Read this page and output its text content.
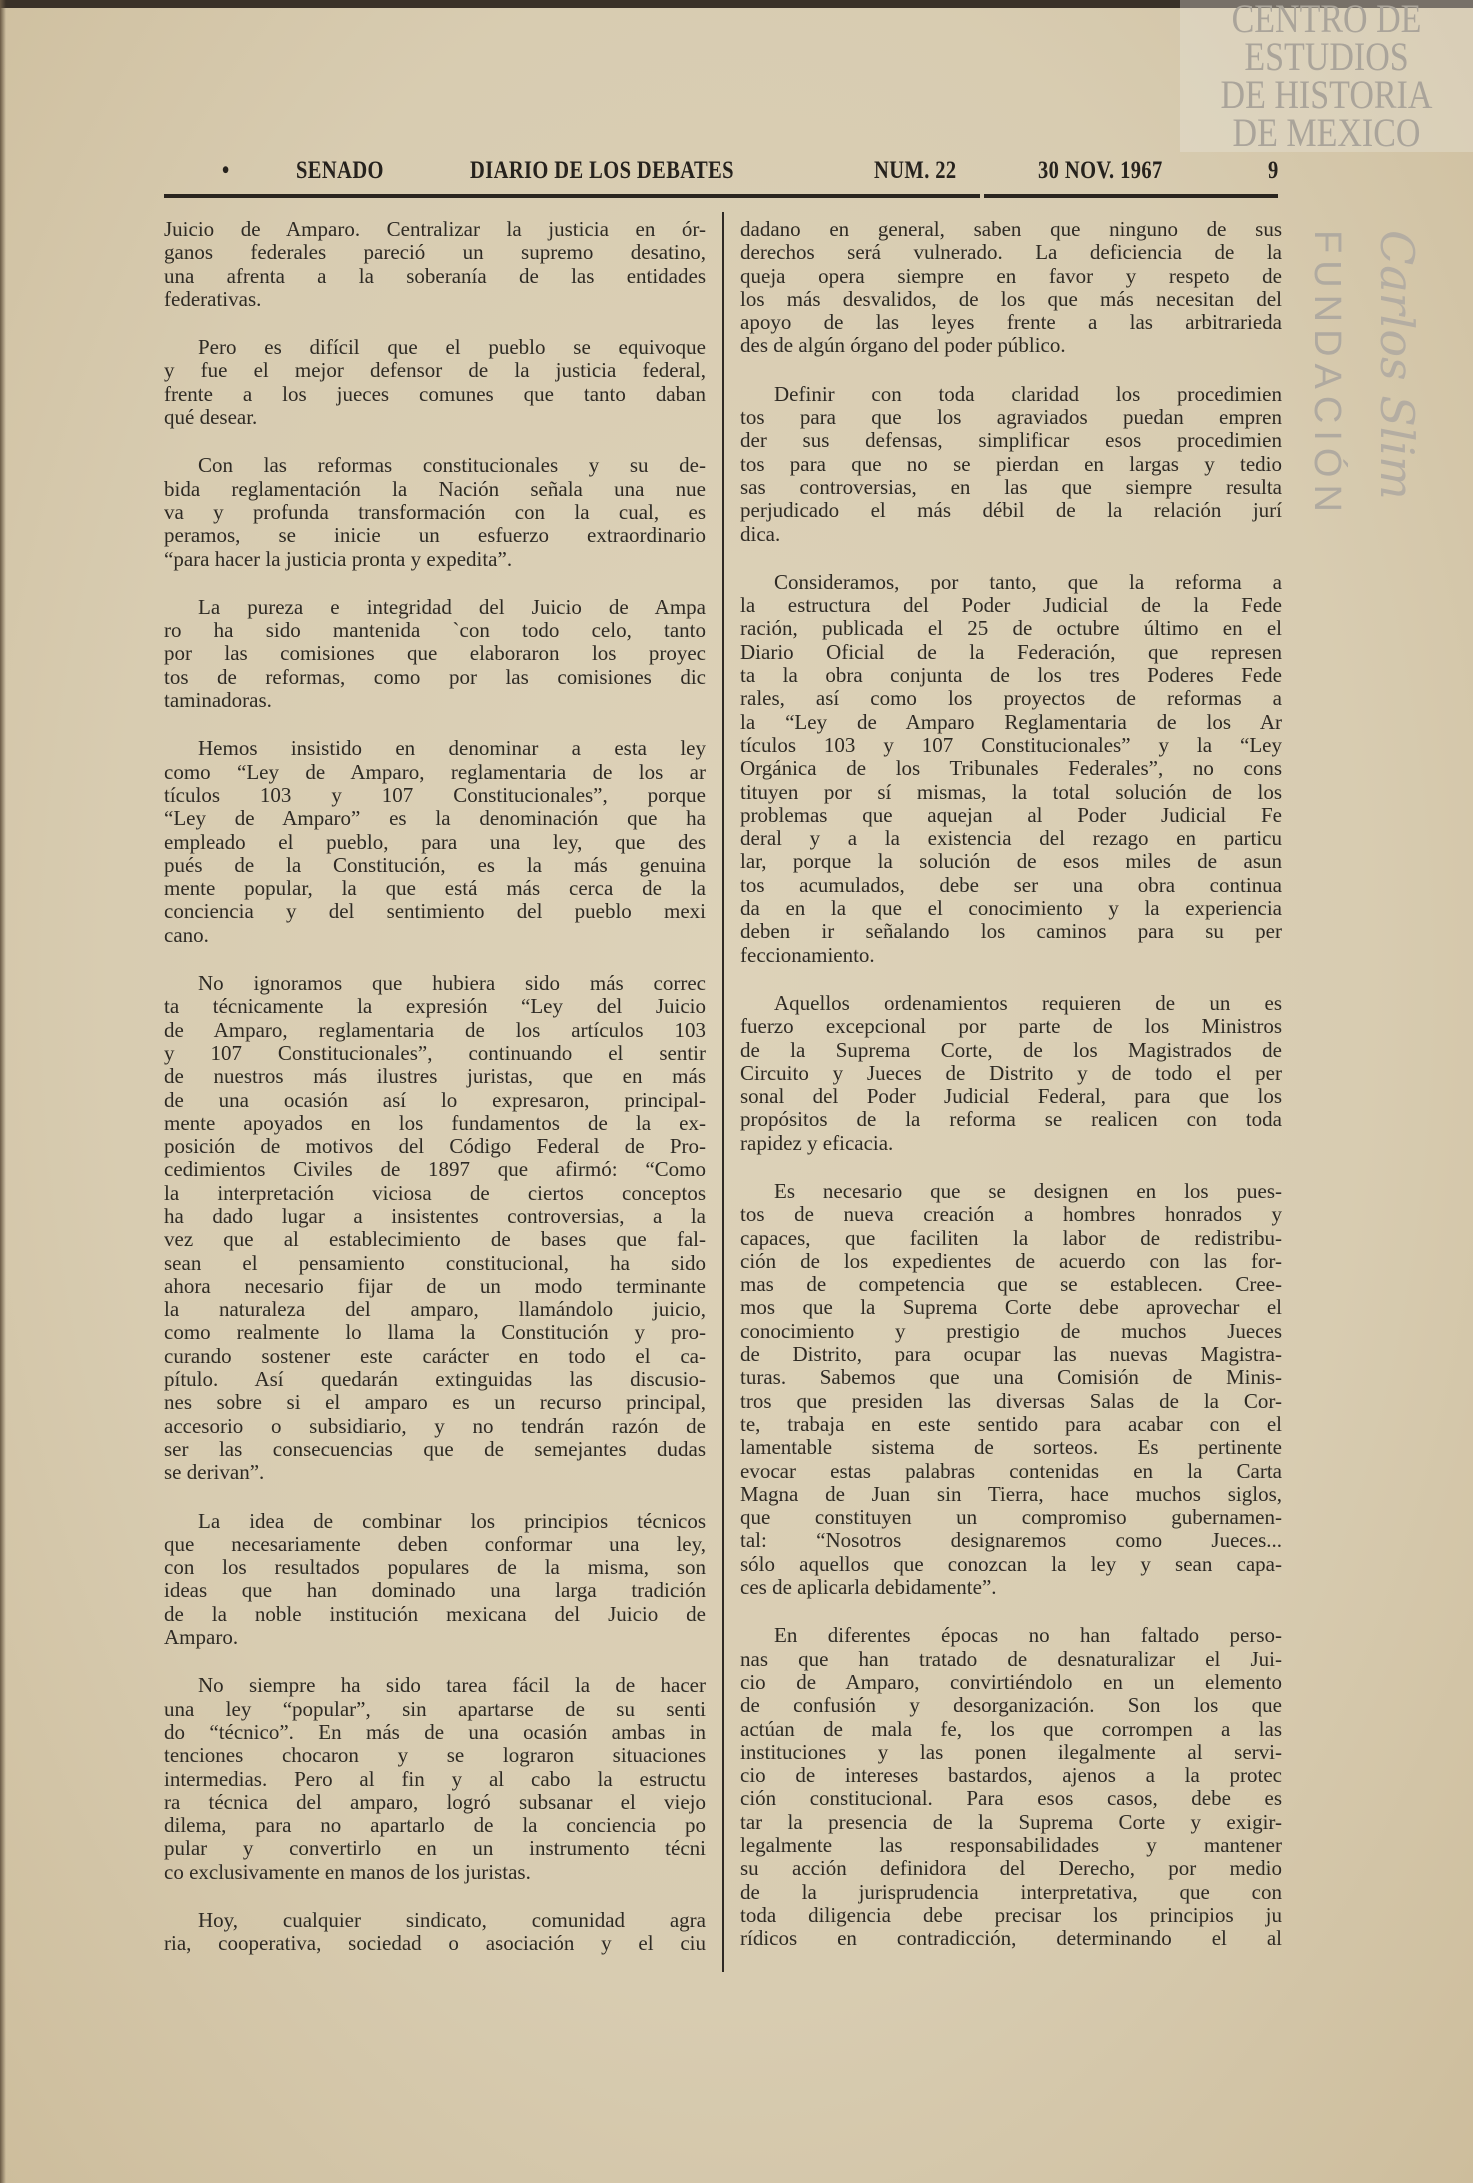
CENTRO DE
ESTUDIOS
DE HISTORIA
DE MEXICO
FUNDACIÓN Carlos Slim
•	SENADO	DIARIO DE LOS DEBATES	NUM. 22	30 NOV. 1967	9
Juicio de Amparo. Centralizar la justicia en ór-
ganos federales pareció un supremo desatino,
una afrenta a la soberanía de las entidades
federativas.
Pero es difícil que el pueblo se equivoque
y fue el mejor defensor de la justicia federal,
frente a los jueces comunes que tanto daban
qué desear.
Con las reformas constitucionales y su de-
bida reglamentación la Nación señala una nue
va y profunda transformación con la cual, es
peramos, se inicie un esfuerzo extraordinario
“para hacer la justicia pronta y expedita”.
La pureza e integridad del Juicio de Ampa
ro ha sido mantenida `con todo celo, tanto
por las comisiones que elaboraron los proyec
tos de reformas, como por las comisiones dic
taminadoras.
Hemos insistido en denominar a esta ley
como “Ley de Amparo, reglamentaria de los ar
tículos 103 y 107 Constitucionales”, porque
“Ley de Amparo” es la denominación que ha
empleado el pueblo, para una ley, que des
pués de la Constitución, es la más genuina
mente popular, la que está más cerca de la
conciencia y del sentimiento del pueblo mexi
cano.
No ignoramos que hubiera sido más correc
ta técnicamente la expresión “Ley del Juicio
de Amparo, reglamentaria de los artículos 103
y 107 Constitucionales”, continuando el sentir
de nuestros más ilustres juristas, que en más
de una ocasión así lo expresaron, principal-
mente apoyados en los fundamentos de la ex-
posición de motivos del Código Federal de Pro-
cedimientos Civiles de 1897 que afirmó: “Como
la interpretación viciosa de ciertos conceptos
ha dado lugar a insistentes controversias, a la
vez que al establecimiento de bases que fal-
sean el pensamiento constitucional, ha sido
ahora necesario fijar de un modo terminante
la naturaleza del amparo, llamándolo juicio,
como realmente lo llama la Constitución y pro-
curando sostener este carácter en todo el ca-
pítulo. Así quedarán extinguidas las discusio-
nes sobre si el amparo es un recurso principal,
accesorio o subsidiario, y no tendrán razón de
ser las consecuencias que de semejantes dudas
se derivan”.
La idea de combinar los principios técnicos
que necesariamente deben conformar una ley,
con los resultados populares de la misma, son
ideas que han dominado una larga tradición
de la noble institución mexicana del Juicio de
Amparo.
No siempre ha sido tarea fácil la de hacer
una ley “popular”, sin apartarse de su senti
do “técnico”. En más de una ocasión ambas in
tenciones chocaron y se lograron situaciones
intermedias. Pero al fin y al cabo la estructu
ra técnica del amparo, logró subsanar el viejo
dilema, para no apartarlo de la conciencia po
pular y convertirlo en un instrumento técni
co exclusivamente en manos de los juristas.
Hoy, cualquier sindicato, comunidad agra
ria, cooperativa, sociedad o asociación y el ciu
dadano en general, saben que ninguno de sus
derechos será vulnerado. La deficiencia de la
queja opera siempre en favor y respeto de
los más desvalidos, de los que más necesitan del
apoyo de las leyes frente a las arbitrarieda
des de algún órgano del poder público.
Definir con toda claridad los procedimien
tos para que los agraviados puedan empren
der sus defensas, simplificar esos procedimien
tos para que no se pierdan en largas y tedio
sas controversias, en las que siempre resulta
perjudicado el más débil de la relación jurí
dica.
Consideramos, por tanto, que la reforma a
la estructura del Poder Judicial de la Fede
ración, publicada el 25 de octubre último en el
Diario Oficial de la Federación, que represen
ta la obra conjunta de los tres Poderes Fede
rales, así como los proyectos de reformas a
la “Ley de Amparo Reglamentaria de los Ar
tículos 103 y 107 Constitucionales” y la “Ley
Orgánica de los Tribunales Federales”, no cons
tituyen por sí mismas, la total solución de los
problemas que aquejan al Poder Judicial Fe
deral y a la existencia del rezago en particu
lar, porque la solución de esos miles de asun
tos acumulados, debe ser una obra continua
da en la que el conocimiento y la experiencia
deben ir señalando los caminos para su per
feccionamiento.
Aquellos ordenamientos requieren de un es
fuerzo excepcional por parte de los Ministros
de la Suprema Corte, de los Magistrados de
Circuito y Jueces de Distrito y de todo el per
sonal del Poder Judicial Federal, para que los
propósitos de la reforma se realicen con toda
rapidez y eficacia.
Es necesario que se designen en los pues-
tos de nueva creación a hombres honrados y
capaces, que faciliten la labor de redistribu-
ción de los expedientes de acuerdo con las for-
mas de competencia que se establecen. Cree-
mos que la Suprema Corte debe aprovechar el
conocimiento y prestigio de muchos Jueces
de Distrito, para ocupar las nuevas Magistra-
turas. Sabemos que una Comisión de Minis-
tros que presiden las diversas Salas de la Cor-
te, trabaja en este sentido para acabar con el
lamentable sistema de sorteos. Es pertinente
evocar estas palabras contenidas en la Carta
Magna de Juan sin Tierra, hace muchos siglos,
que constituyen un compromiso gubernamen-
tal: “Nosotros designaremos como Jueces...
sólo aquellos que conozcan la ley y sean capa-
ces de aplicarla debidamente”.
En diferentes épocas no han faltado perso-
nas que han tratado de desnaturalizar el Jui-
cio de Amparo, convirtiéndolo en un elemento
de confusión y desorganización. Son los que
actúan de mala fe, los que corrompen a las
instituciones y las ponen ilegalmente al servi-
cio de intereses bastardos, ajenos a la protec
ción constitucional. Para esos casos, debe es
tar la presencia de la Suprema Corte y exigir-
legalmente las responsabilidades y mantener
su acción definidora del Derecho, por medio
de la jurisprudencia interpretativa, que con
toda diligencia debe precisar los principios ju
rídicos en contradicción, determinando el al
